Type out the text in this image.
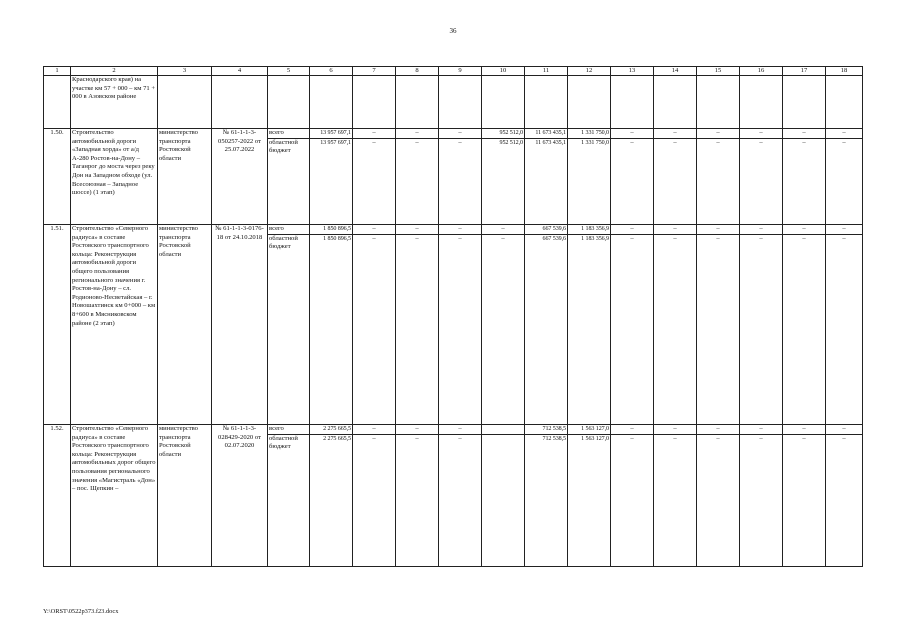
36
1	2	3	4	5	6	7	8	9	10	11	12	13	14	15	16	17	18
	Краснодарского края) на участке км 57 + 000 – км 71 + 000 в Азовском районе																
1.50.	Строительство автомобильной дороги «Западная хорда» от а/д А-280 Ростов-на-Дону – Таганрог до моста через реку Дон на Западном обходе (ул. Всесоюзная – Западное шоссе) (1 этап)	министерство транспорта Ростовской области	№ 61-1-1-3-050257-2022 от 25.07.2022	всего	13 957 697,1	–	–	–	952 512,0	11 673 435,1	1 331 750,0	–	–	–	–	–	–
				областной бюджет	13 957 697,1	–	–	–	952 512,0	11 673 435,1	1 331 750,0	–	–	–	–	–	–
1.51.	Строительство «Северного радиуса» в составе Ростовского транспортного кольца: Реконструкция автомобильной дороги общего пользования регионального значения г. Ростов-на-Дону – сл. Родионово-Несветайская – г. Новошахтинск км 0+000 – км 8+600 в Мясниковском районе (2 этап)	министерство транспорта Ростовской области	№ 61-1-1-3-0176-18 от 24.10.2018	всего	1 850 896,5	–	–	–	–	667 539,6	1 183 356,9	–	–	–	–	–	–
				областной бюджет	1 850 896,5	–	–	–	–	667 539,6	1 183 356,9	–	–	–	–	–	–
1.52.	Строительство «Северного радиуса» в составе Ростовского транспортного кольца: Реконструкция автомобильных дорог общего пользования регионального значения «Магистраль «Дон» – пос. Щепкин –	министерство транспорта Ростовской области	№ 61-1-1-3-028429-2020 от 02.07.2020	всего	2 275 665,5	–	–	–		712 538,5	1 563 127,0	–	–	–	–	–	–
				областной бюджет	2 275 665,5	–	–	–		712 538,5	1 563 127,0	–	–	–	–	–	–
Y:\ORST\0522p373.f23.docx
